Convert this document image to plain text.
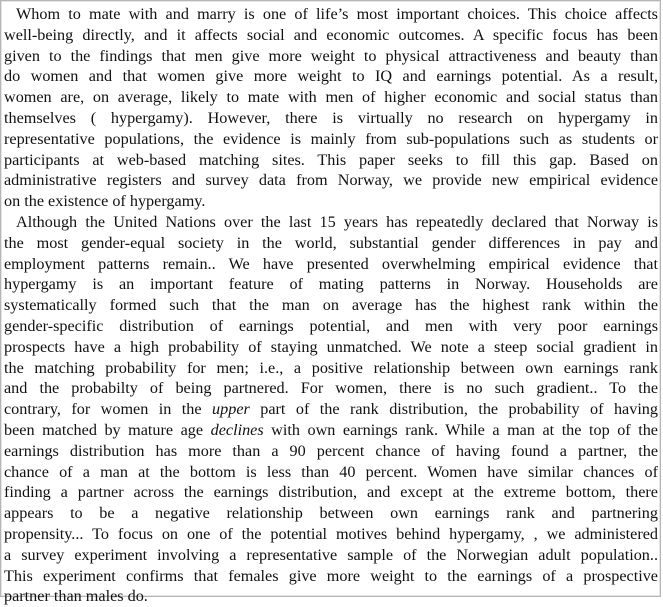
Whom to mate with and marry is one of life’s most important choices. This choice affects
well-being directly, and it affects social and economic outcomes. A specific focus has been
given to the findings that men give more weight to physical attractiveness and beauty than
do women and that women give more weight to IQ and earnings potential. As a result,
women are, on average, likely to mate with men of higher economic and social status than
themselves ( hypergamy). However, there is virtually no research on hypergamy in
representative populations, the evidence is mainly from sub-populations such as students or
participants at web-based matching sites. This paper seeks to fill this gap. Based on
administrative registers and survey data from Norway, we provide new empirical evidence
on the existence of hypergamy.
Although the United Nations over the last 15 years has repeatedly declared that Norway is
the most gender-equal society in the world, substantial gender differences in pay and
employment patterns remain.. We have presented overwhelming empirical evidence that
hypergamy is an important feature of mating patterns in Norway. Households are
systematically formed such that the man on average has the highest rank within the
gender-specific distribution of earnings potential, and men with very poor earnings
prospects have a high probability of staying unmatched. We note a steep social gradient in
the matching probability for men; i.e., a positive relationship between own earnings rank
and the probabilty of being partnered. For women, there is no such gradient.. To the
contrary, for women in the upper part of the rank distribution, the probability of having
been matched by mature age declines with own earnings rank. While a man at the top of the
earnings distribution has more than a 90 percent chance of having found a partner, the
chance of a man at the bottom is less than 40 percent. Women have similar chances of
finding a partner across the earnings distribution, and except at the extreme bottom, there
appears to be a negative relationship between own earnings rank and partnering
propensity... To focus on one of the potential motives behind hypergamy, , we administered
a survey experiment involving a representative sample of the Norwegian adult population..
This experiment confirms that females give more weight to the earnings of a prospective
partner than males do.
